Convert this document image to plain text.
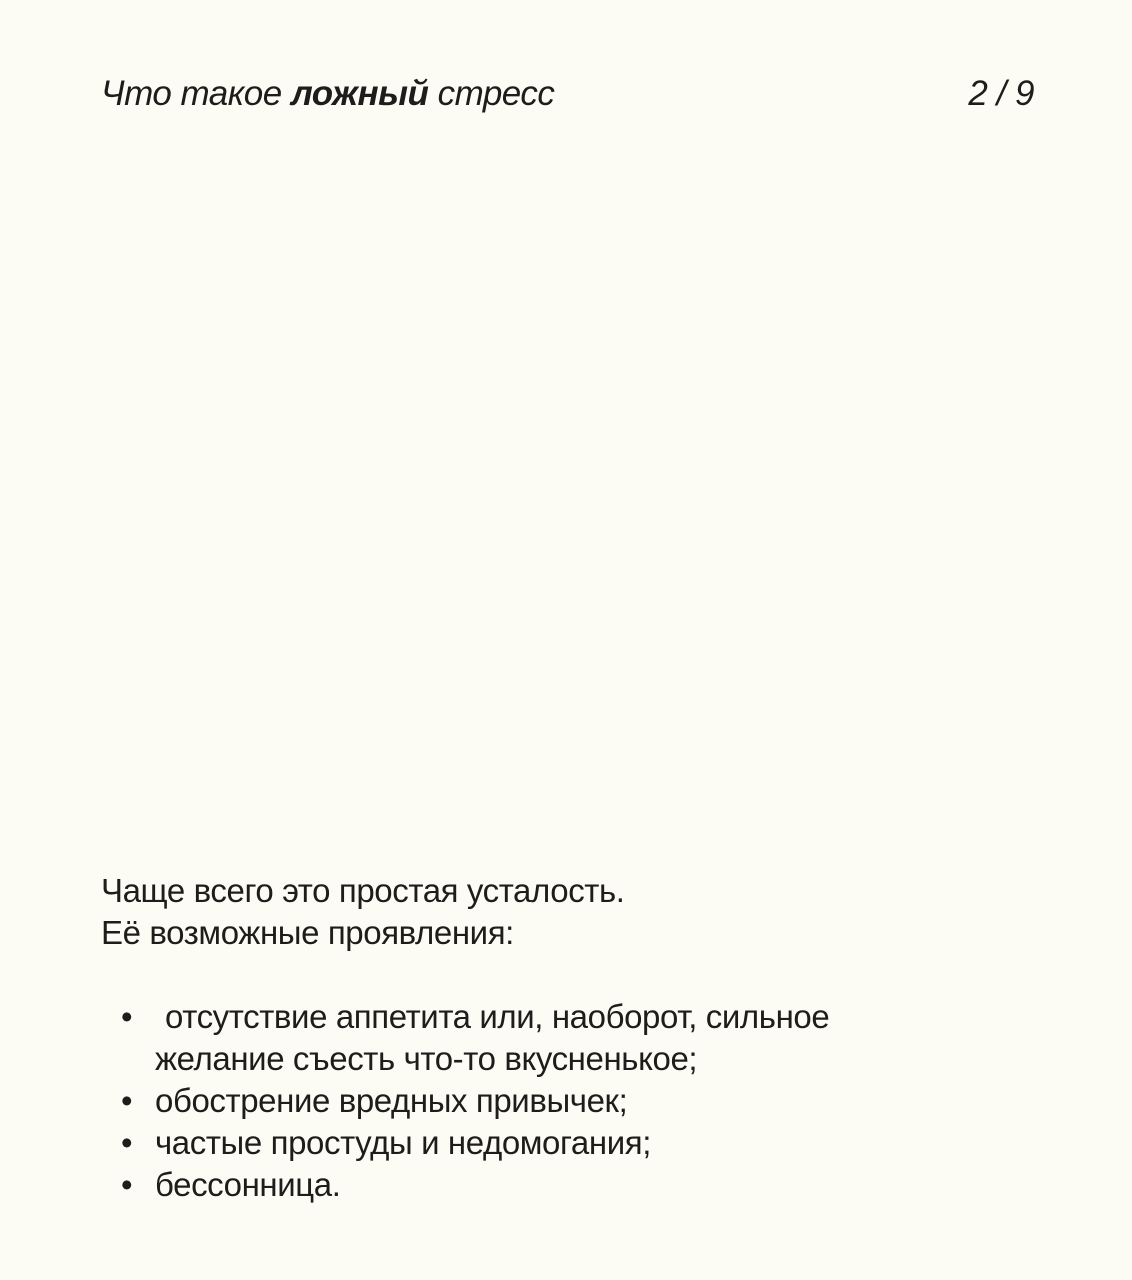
Что такое ложный стресс	2 / 9

Чаще всего это простая усталость.

Её возможные проявления:

• отсутствие аппетита или, наоборот, сильное
желание съесть что-то вкусненькое;
• обострение вредных привычек;
• частые простуды и недомогания;
• бессонница.
